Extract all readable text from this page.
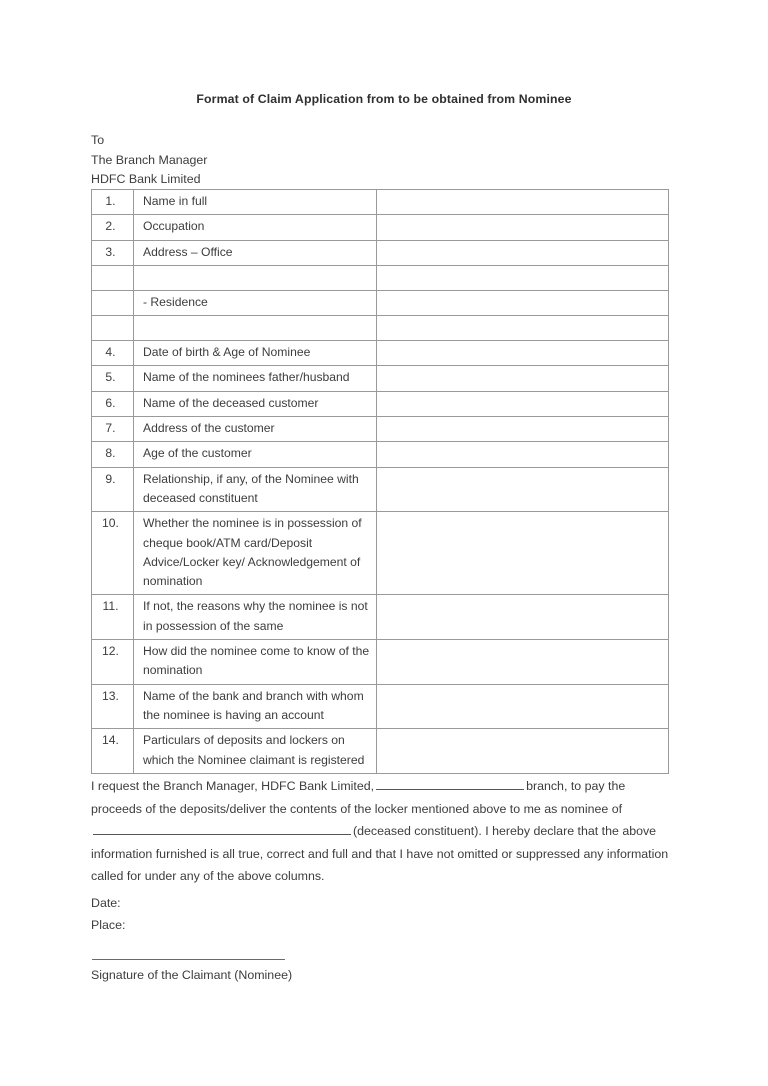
Format of Claim Application from to be obtained from Nominee
To
The Branch Manager
HDFC Bank Limited
1.	Name in full	
2.	Occupation	
3.	Address – Office	

	- Residence	

4.	Date of birth & Age of Nominee	
5.	Name of the nominees father/husband	
6.	Name of the deceased customer	
7.	Address of the customer	
8.	Age of the customer	
9.	Relationship, if any, of the Nominee with deceased constituent	
10.	Whether the nominee is in possession of cheque book/ATM card/Deposit Advice/Locker key/ Acknowledgement of nomination	
11.	If not, the reasons why the nominee is not in possession of the same	
12.	How did the nominee come to know of the nomination	
13.	Name of the bank and branch with whom the nominee is having an account	
14.	Particulars of deposits and lockers on which the Nominee claimant is registered	
I request the Branch Manager, HDFC Bank Limited,	branch, to pay the proceeds of the deposits/deliver the contents of the locker mentioned above to me as nominee of(deceased constituent). I hereby declare that the above information furnished is all true, correct and full and that I have not omitted or suppressed any information called for under any of the above columns.
Date:
Place:
Signature of the Claimant (Nominee)
